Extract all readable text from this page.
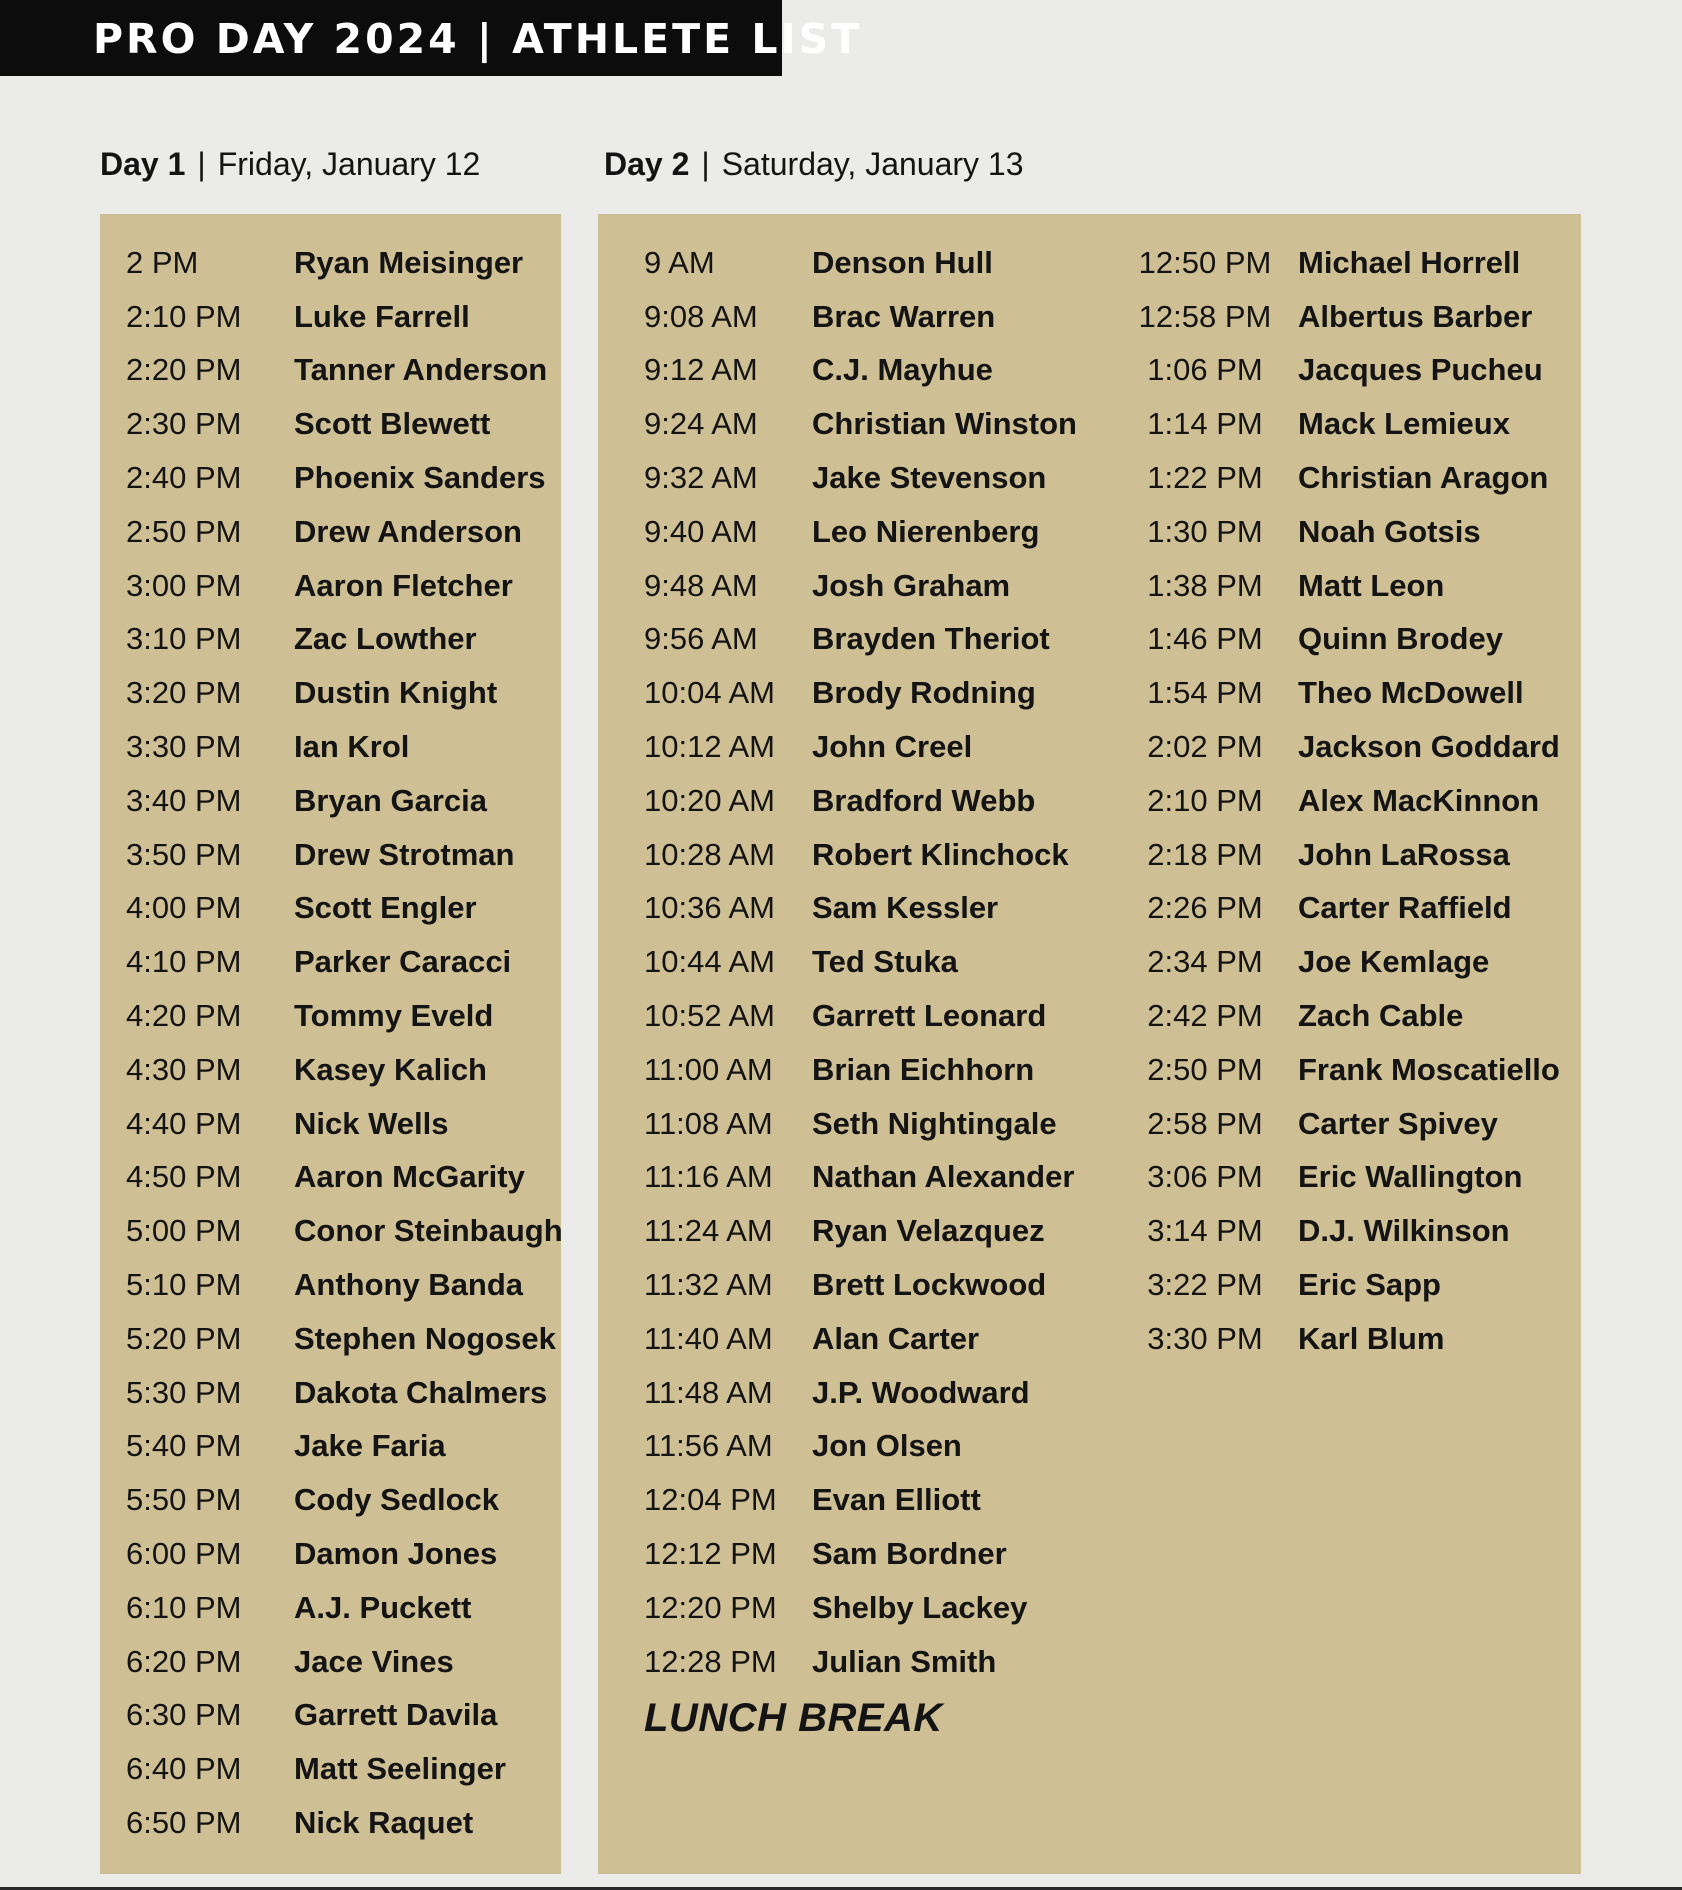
PRO DAY 2024 | ATHLETE LIST
Day 1 | Friday, January 12	Day 2 | Saturday, January 13
2 PM	Ryan Meisinger
2:10 PM	Luke Farrell
2:20 PM	Tanner Anderson
2:30 PM	Scott Blewett
2:40 PM	Phoenix Sanders
2:50 PM	Drew Anderson
3:00 PM	Aaron Fletcher
3:10 PM	Zac Lowther
3:20 PM	Dustin Knight
3:30 PM	Ian Krol
3:40 PM	Bryan Garcia
3:50 PM	Drew Strotman
4:00 PM	Scott Engler
4:10 PM	Parker Caracci
4:20 PM	Tommy Eveld
4:30 PM	Kasey Kalich
4:40 PM	Nick Wells
4:50 PM	Aaron McGarity
5:00 PM	Conor Steinbaugh
5:10 PM	Anthony Banda
5:20 PM	Stephen Nogosek
5:30 PM	Dakota Chalmers
5:40 PM	Jake Faria
5:50 PM	Cody Sedlock
6:00 PM	Damon Jones
6:10 PM	A.J. Puckett
6:20 PM	Jace Vines
6:30 PM	Garrett Davila
6:40 PM	Matt Seelinger
6:50 PM	Nick Raquet
9 AM	Denson Hull
9:08 AM	Brac Warren
9:12 AM	C.J. Mayhue
9:24 AM	Christian Winston
9:32 AM	Jake Stevenson
9:40 AM	Leo Nierenberg
9:48 AM	Josh Graham
9:56 AM	Brayden Theriot
10:04 AM	Brody Rodning
10:12 AM	John Creel
10:20 AM	Bradford Webb
10:28 AM	Robert Klinchock
10:36 AM	Sam Kessler
10:44 AM	Ted Stuka
10:52 AM	Garrett Leonard
11:00 AM	Brian Eichhorn
11:08 AM	Seth Nightingale
11:16 AM	Nathan Alexander
11:24 AM	Ryan Velazquez
11:32 AM	Brett Lockwood
11:40 AM	Alan Carter
11:48 AM	J.P. Woodward
11:56 AM	Jon Olsen
12:04 PM	Evan Elliott
12:12 PM	Sam Bordner
12:20 PM	Shelby Lackey
12:28 PM	Julian Smith
LUNCH BREAK
12:50 PM Michael Horrell
12:58 PM Albertus Barber
1:06 PM	Jacques Pucheu
1:14 PM	Mack Lemieux
1:22 PM	Christian Aragon
1:30 PM	Noah Gotsis
1:38 PM	Matt Leon
1:46 PM	Quinn Brodey
1:54 PM	Theo McDowell
2:02 PM	Jackson Goddard
2:10 PM	Alex MacKinnon
2:18 PM	John LaRossa
2:26 PM	Carter Raffield
2:34 PM	Joe Kemlage
2:42 PM	Zach Cable
2:50 PM	Frank Moscatiello
2:58 PM	Carter Spivey
3:06 PM	Eric Wallington
3:14 PM	D.J. Wilkinson
3:22 PM	Eric Sapp
3:30 PM	Karl Blum
